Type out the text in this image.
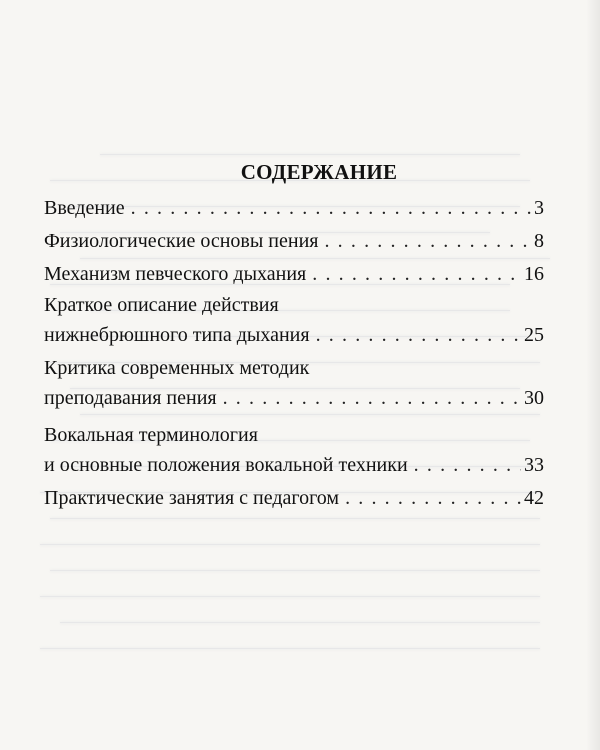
СОДЕРЖАНИЕ
Введение . . .	3
Физиологические основы пения . . .	8
Механизм певческого дыхания . . .	16
Краткое описание действия
нижнебрюшного типа дыхания . . .	25
Критика современных методик
преподавания пения . . .	30
Вокальная терминология
и основные положения вокальной техники . . .	33
Практические занятия с педагогом . . .	42
